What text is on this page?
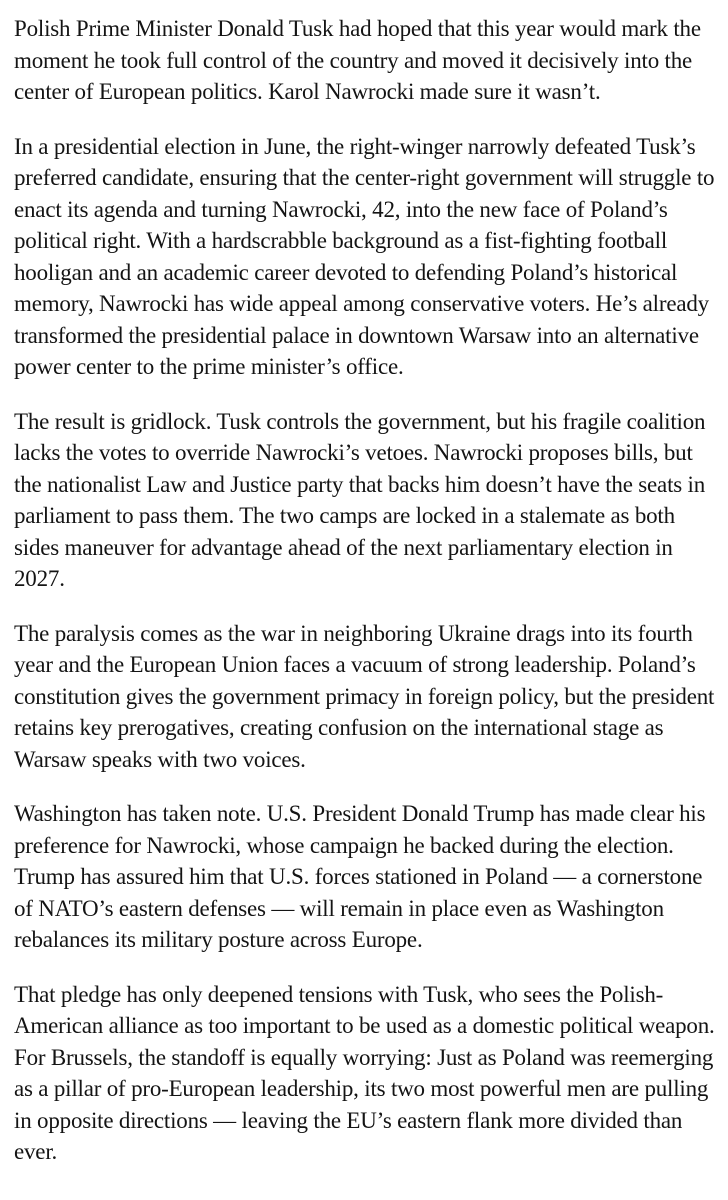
Polish Prime Minister Donald Tusk had hoped that this year would mark the moment he took full control of the country and moved it decisively into the center of European politics. Karol Nawrocki made sure it wasn’t.

In a presidential election in June, the right-winger narrowly defeated Tusk’s preferred candidate, ensuring that the center-right government will struggle to enact its agenda and turning Nawrocki, 42, into the new face of Poland’s political right. With a hardscrabble background as a fist-fighting football hooligan and an academic career devoted to defending Poland’s historical memory, Nawrocki has wide appeal among conservative voters. He’s already transformed the presidential palace in downtown Warsaw into an alternative power center to the prime minister’s office.

The result is gridlock. Tusk controls the government, but his fragile coalition lacks the votes to override Nawrocki’s vetoes. Nawrocki proposes bills, but the nationalist Law and Justice party that backs him doesn’t have the seats in parliament to pass them. The two camps are locked in a stalemate as both sides maneuver for advantage ahead of the next parliamentary election in 2027.

The paralysis comes as the war in neighboring Ukraine drags into its fourth year and the European Union faces a vacuum of strong leadership. Poland’s constitution gives the government primacy in foreign policy, but the president retains key prerogatives, creating confusion on the international stage as Warsaw speaks with two voices.

Washington has taken note. U.S. President Donald Trump has made clear his preference for Nawrocki, whose campaign he backed during the election. Trump has assured him that U.S. forces stationed in Poland — a cornerstone of NATO’s eastern defenses — will remain in place even as Washington rebalances its military posture across Europe.

That pledge has only deepened tensions with Tusk, who sees the Polish-American alliance as too important to be used as a domestic political weapon. For Brussels, the standoff is equally worrying: Just as Poland was reemerging as a pillar of pro-European leadership, its two most powerful men are pulling in opposite directions — leaving the EU’s eastern flank more divided than ever.
